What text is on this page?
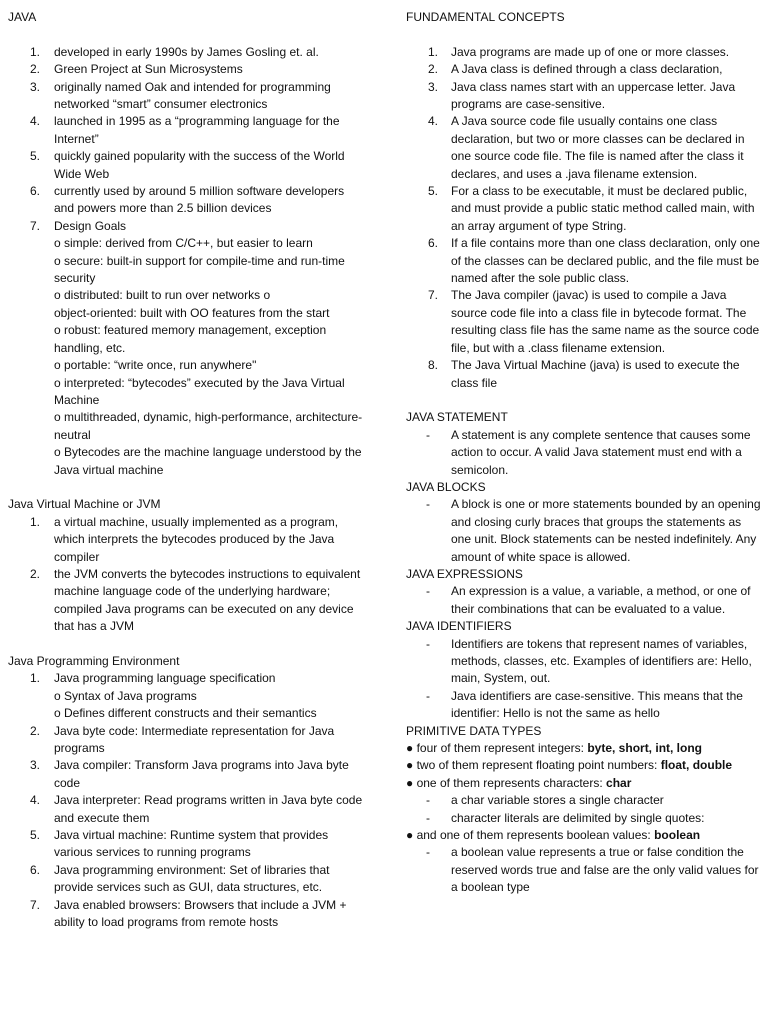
JAVA
1. developed in early 1990s by James Gosling et. al.
2. Green Project at Sun Microsystems
3. originally named Oak and intended for programming networked “smart” consumer electronics
4. launched in 1995 as a “programming language for the Internet”
5. quickly gained popularity with the success of the World Wide Web
6. currently used by around 5 million software developers and powers more than 2.5 billion devices
7. Design Goals
o simple: derived from C/C++, but easier to learn
o secure: built-in support for compile-time and run-time security
o distributed: built to run over networks o
object-oriented: built with OO features from the start
o robust: featured memory management, exception handling, etc.
o portable: “write once, run anywhere"
o interpreted: “bytecodes” executed by the Java Virtual Machine
o multithreaded, dynamic, high-performance, architecture-neutral
o Bytecodes are the machine language understood by the Java virtual machine
Java Virtual Machine or JVM
1. a virtual machine, usually implemented as a program, which interprets the bytecodes produced by the Java compiler
2. the JVM converts the bytecodes instructions to equivalent machine language code of the underlying hardware; compiled Java programs can be executed on any device that has a JVM
Java Programming Environment
1. Java programming language specification
o Syntax of Java programs
o Defines different constructs and their semantics
2. Java byte code: Intermediate representation for Java programs
3. Java compiler: Transform Java programs into Java byte code
4. Java interpreter: Read programs written in Java byte code and execute them
5. Java virtual machine: Runtime system that provides various services to running programs
6. Java programming environment: Set of libraries that provide services such as GUI, data structures, etc.
7. Java enabled browsers: Browsers that include a JVM + ability to load programs from remote hosts
FUNDAMENTAL CONCEPTS
1. Java programs are made up of one or more classes.
2. A Java class is defined through a class declaration,
3. Java class names start with an uppercase letter. Java programs are case-sensitive.
4. A Java source code file usually contains one class declaration, but two or more classes can be declared in one source code file. The file is named after the class it declares, and uses a .java filename extension.
5. For a class to be executable, it must be declared public, and must provide a public static method called main, with an array argument of type String.
6. If a file contains more than one class declaration, only one of the classes can be declared public, and the file must be named after the sole public class.
7. The Java compiler (javac) is used to compile a Java source code file into a class file in bytecode format. The resulting class file has the same name as the source code file, but with a .class filename extension.
8. The Java Virtual Machine (java) is used to execute the class file
JAVA STATEMENT
- A statement is any complete sentence that causes some action to occur. A valid Java statement must end with a semicolon.
JAVA BLOCKS
- A block is one or more statements bounded by an opening and closing curly braces that groups the statements as one unit. Block statements can be nested indefinitely. Any amount of white space is allowed.
JAVA EXPRESSIONS
- An expression is a value, a variable, a method, or one of their combinations that can be evaluated to a value.
JAVA IDENTIFIERS
- Identifiers are tokens that represent names of variables, methods, classes, etc. Examples of identifiers are: Hello, main, System, out.
- Java identifiers are case-sensitive. This means that the identifier: Hello is not the same as hello
PRIMITIVE DATA TYPES
● four of them represent integers: byte, short, int, long
● two of them represent floating point numbers: float, double
● one of them represents characters: char
- a char variable stores a single character
- character literals are delimited by single quotes:
● and one of them represents boolean values: boolean
- a boolean value represents a true or false condition the reserved words true and false are the only valid values for a boolean type
